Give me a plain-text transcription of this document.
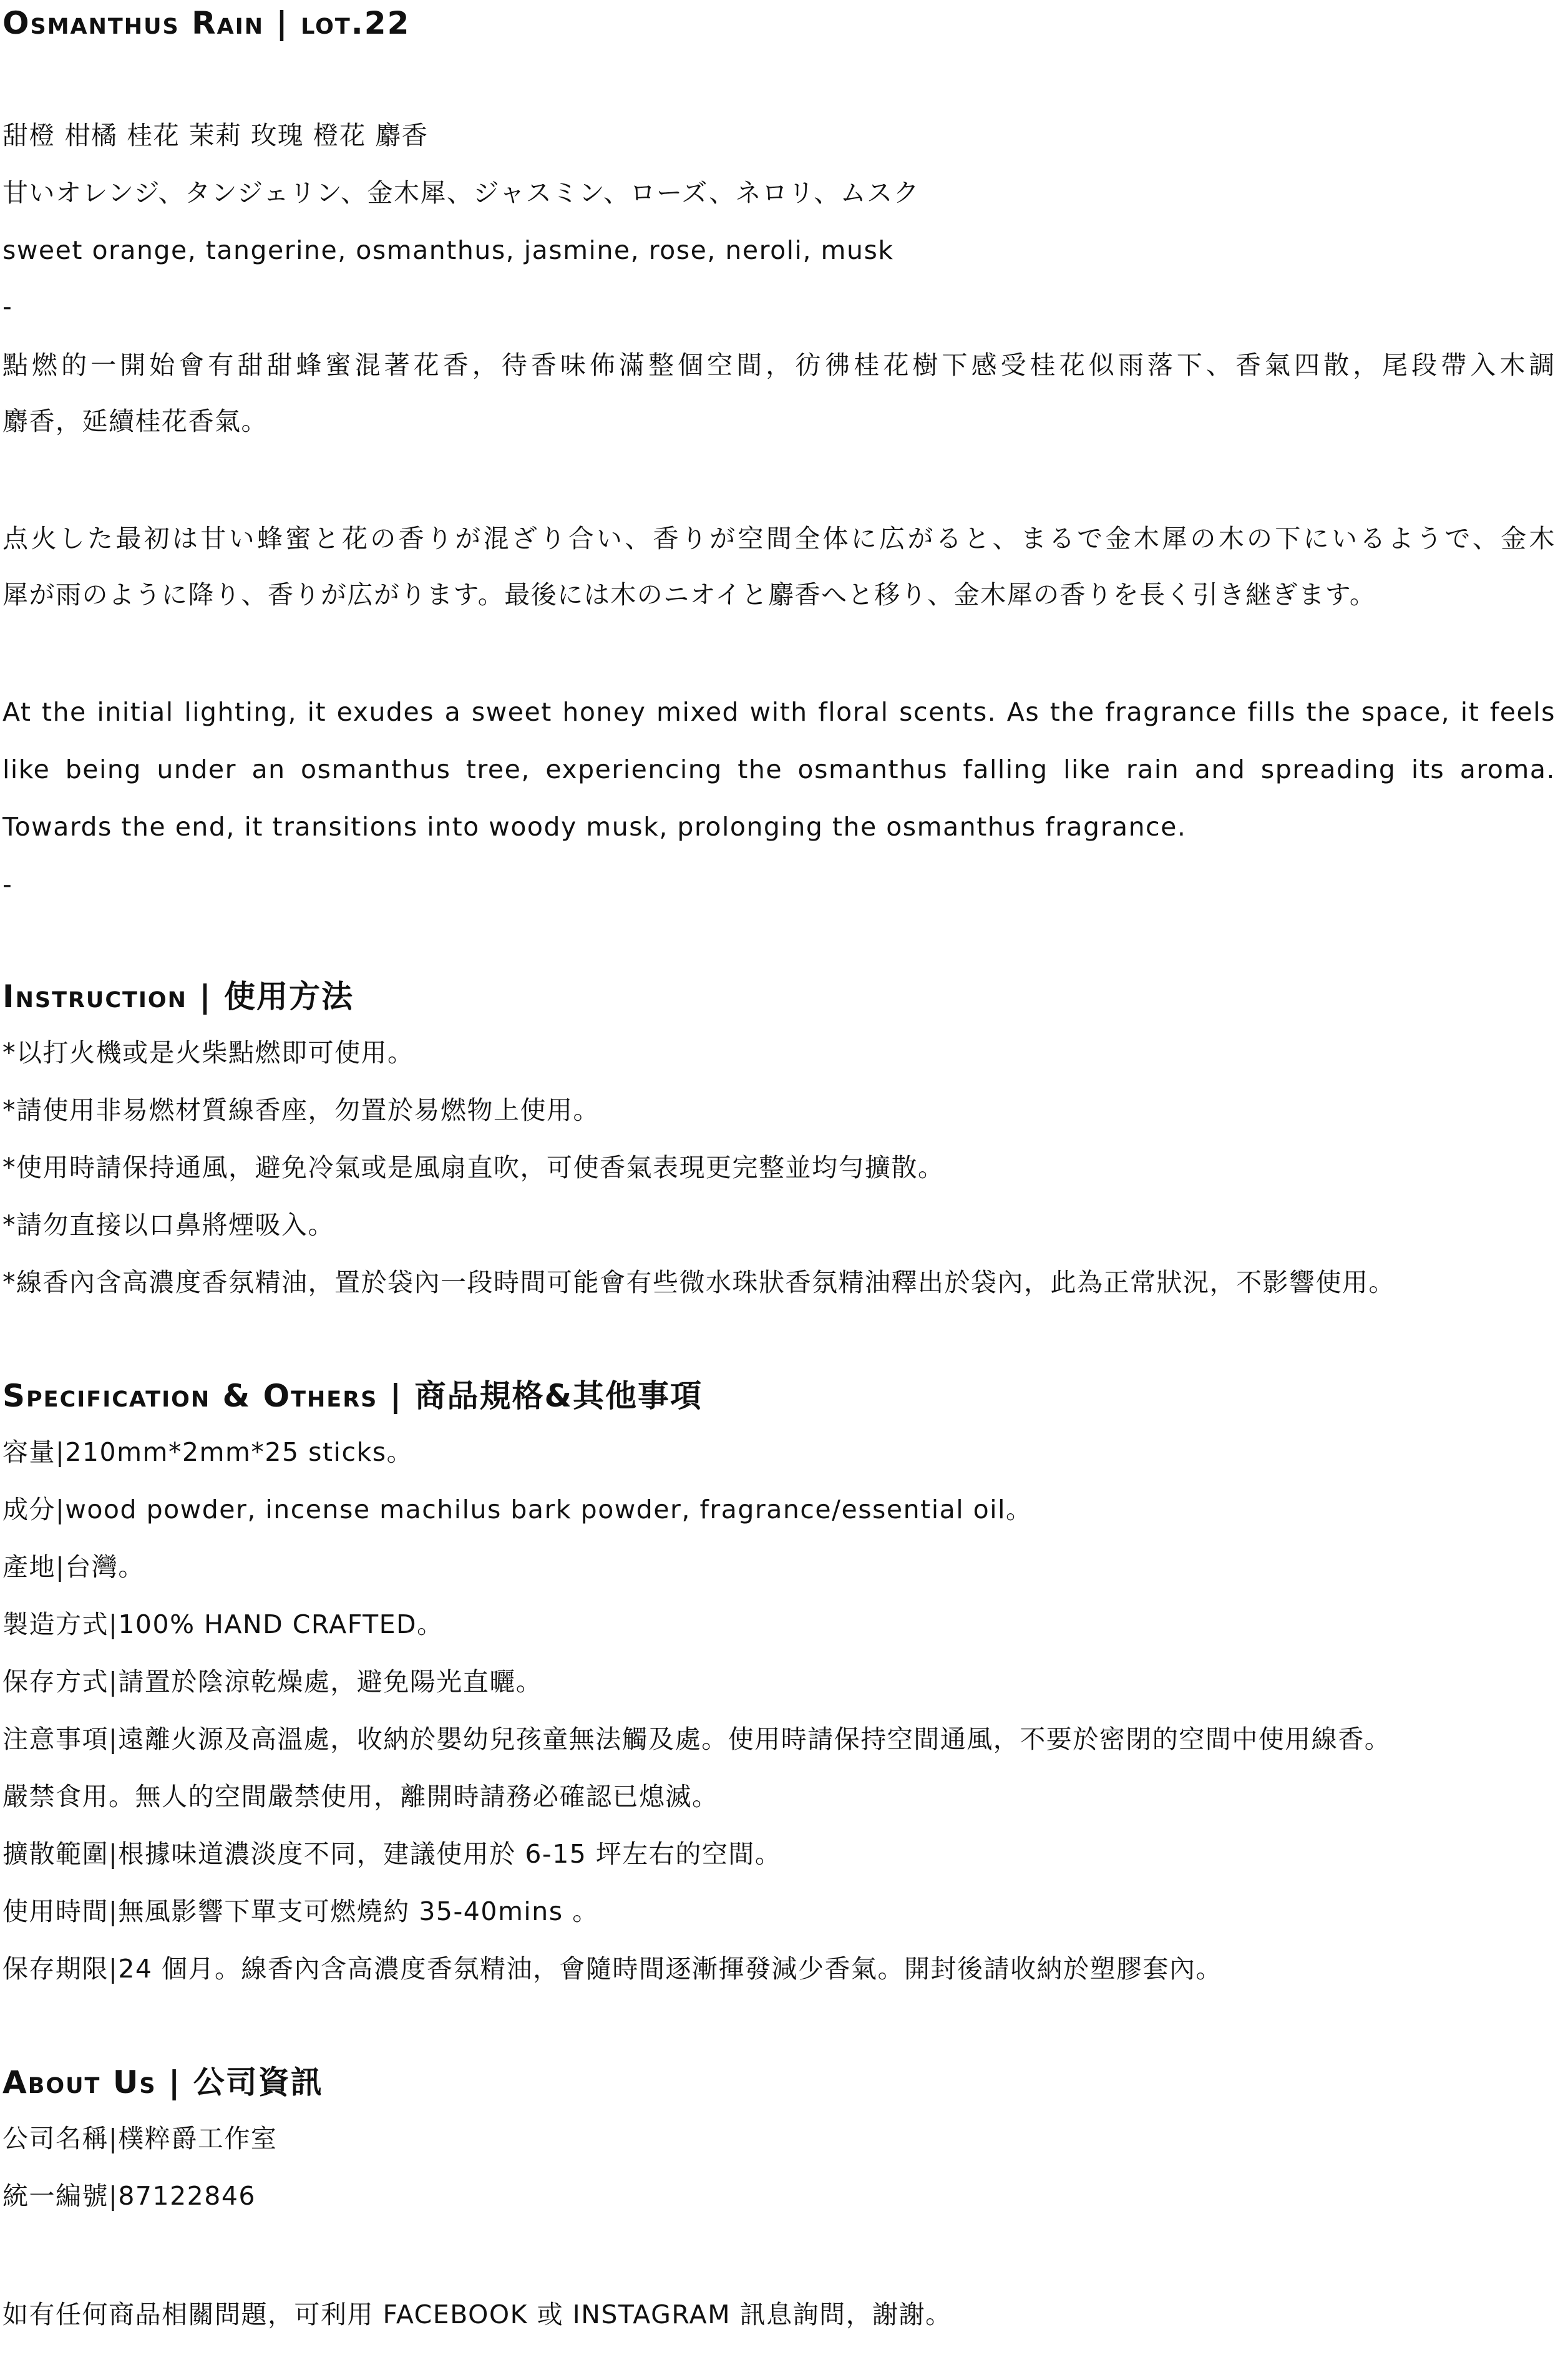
Osmanthus Rain | lot.22
甜橙 柑橘 桂花 茉莉 玫瑰 橙花 麝香
甘いオレンジ、タンジェリン、金木犀、ジャスミン、ローズ、ネロリ、ムスク
sweet orange, tangerine, osmanthus, jasmine, rose, neroli, musk
-
點燃的一開始會有甜甜蜂蜜混著花香，待香味佈滿整個空間，彷彿桂花樹下感受桂花似雨落下、香氣四散，尾段帶入木調
麝香，延續桂花香氣。
点火した最初は甘い蜂蜜と花の香りが混ざり合い、香りが空間全体に広がると、まるで金木犀の木の下にいるようで、金木
犀が雨のように降り、香りが広がります。最後には木のニオイと麝香へと移り、金木犀の香りを長く引き継ぎます。
At the initial lighting, it exudes a sweet honey mixed with floral scents. As the fragrance fills the space, it feels
like being under an osmanthus tree, experiencing the osmanthus falling like rain and spreading its aroma.
Towards the end, it transitions into woody musk, prolonging the osmanthus fragrance.
-
Instruction | 使用方法
*以打火機或是火柴點燃即可使用。
*請使用非易燃材質線香座，勿置於易燃物上使用。
*使用時請保持通風，避免冷氣或是風扇直吹，可使香氣表現更完整並均勻擴散。
*請勿直接以口鼻將煙吸入。
*線香內含高濃度香氛精油，置於袋內一段時間可能會有些微水珠狀香氛精油釋出於袋內，此為正常狀況，不影響使用。
Specification & Others | 商品規格&其他事項
容量|210mm*2mm*25 sticks。
成分|wood powder, incense machilus bark powder, fragrance/essential oil。
產地|台灣。
製造方式|100% HAND CRAFTED。
保存方式|請置於陰涼乾燥處，避免陽光直曬。
注意事項|遠離火源及高溫處，收納於嬰幼兒孩童無法觸及處。使用時請保持空間通風，不要於密閉的空間中使用線香。
嚴禁食用。無人的空間嚴禁使用，離開時請務必確認已熄滅。
擴散範圍|根據味道濃淡度不同，建議使用於 6-15 坪左右的空間。
使用時間|無風影響下單支可燃燒約 35-40mins 。
保存期限|24 個月。線香內含高濃度香氛精油，會隨時間逐漸揮發減少香氣。開封後請收納於塑膠套內。
About Us | 公司資訊
公司名稱|樸粹爵工作室
統一編號|87122846
如有任何商品相關問題，可利用 FACEBOOK 或 INSTAGRAM 訊息詢問，謝謝。
